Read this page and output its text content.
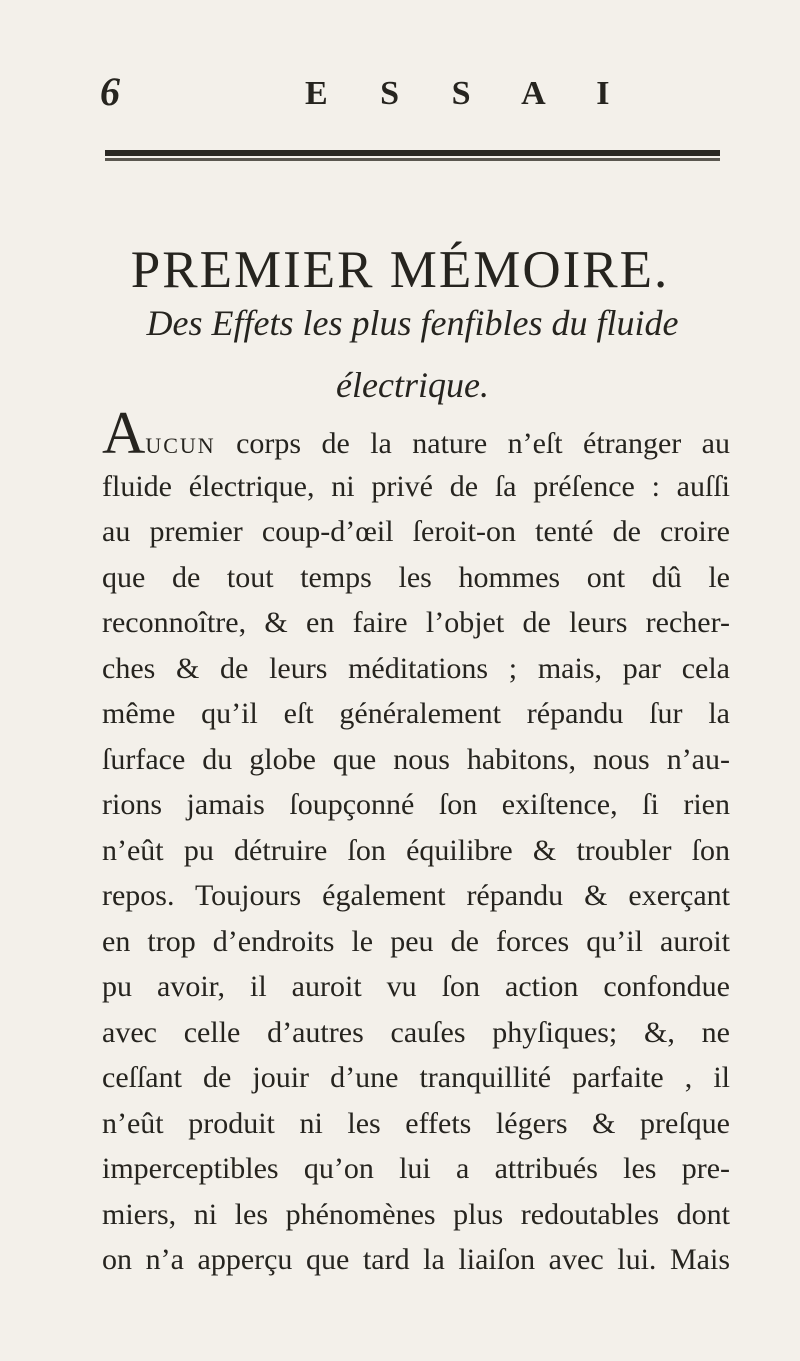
6	E S S A I
PREMIER MÉMOIRE.
Des Effets les plus fenfibles du fluide
électrique.
AUCUN corps de la nature n’eſt étranger au
fluide électrique, ni privé de ſa préſence : auſſi
au premier coup-d’œil ſeroit-on tenté de croire
que de tout temps les hommes ont dû le
reconnoître, & en faire l’objet de leurs recher-
ches & de leurs méditations ; mais, par cela
même qu’il eſt généralement répandu ſur la
ſurface du globe que nous habitons, nous n’au-
rions jamais ſoupçonné ſon exiſtence, ſi rien
n’eût pu détruire ſon équilibre & troubler ſon
repos. Toujours également répandu & exerçant
en trop d’endroits le peu de forces qu’il auroit
pu avoir, il auroit vu ſon action confondue
avec celle d’autres cauſes phyſiques; &, ne
ceſſant de jouir d’une tranquillité parfaite , il
n’eût produit ni les effets légers & preſque
imperceptibles qu’on lui a attribués les pre-
miers, ni les phénomènes plus redoutables dont
on n’a apperçu que tard la liaiſon avec lui. Mais
